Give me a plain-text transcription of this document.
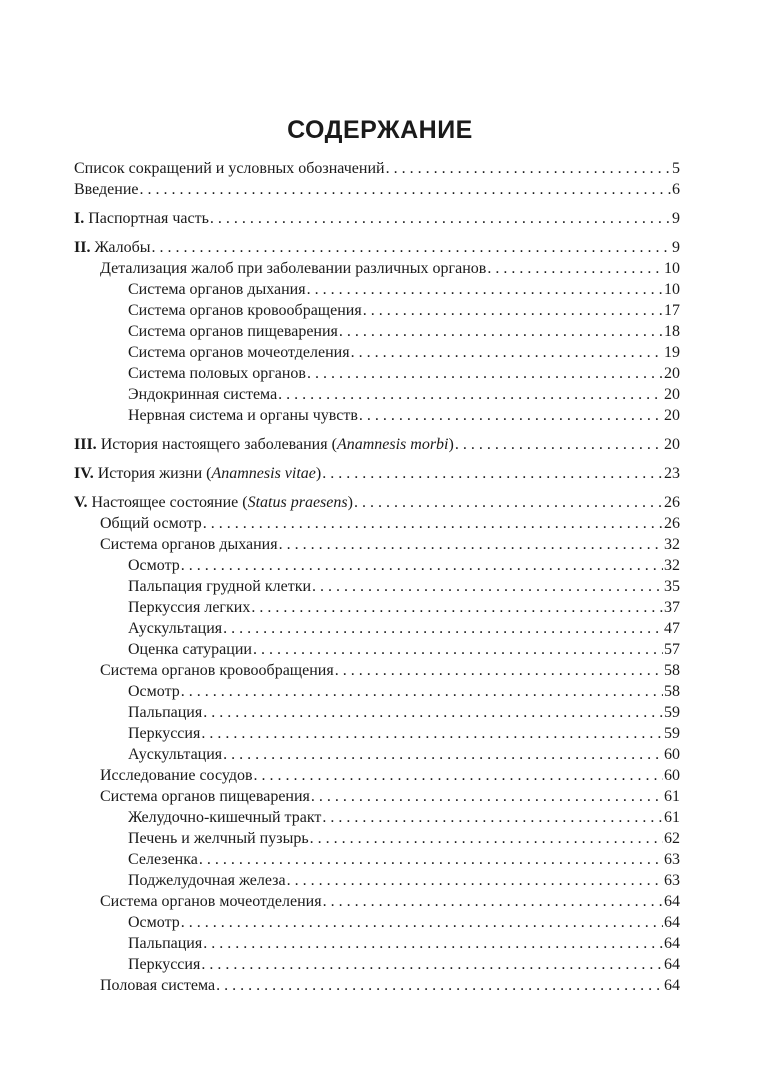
СОДЕРЖАНИЕ
Список сокращений и условных обозначений . . .	5
Введение . . .	6
I. Паспортная часть . . .	9
II. Жалобы . . .	9
Детализация жалоб при заболевании различных органов . . .	10
Система органов дыхания . . .	10
Система органов кровообращения . . .	17
Система органов пищеварения . . .	18
Система органов мочеотделения . . .	19
Система половых органов . . .	20
Эндокринная система . . .	20
Нервная система и органы чувств . . .	20
III. История настоящего заболевания (Anamnesis morbi) . . .	20
IV. История жизни (Anamnesis vitae) . . .	23
V. Настоящее состояние (Status praesens) . . .	26
Общий осмотр . . .	26
Система органов дыхания . . .	32
Осмотр . . .	32
Пальпация грудной клетки . . .	35
Перкуссия легких . . .	37
Аускультация . . .	47
Оценка сатурации . . .	57
Система органов кровообращения . . .	58
Осмотр . . .	58
Пальпация . . .	59
Перкуссия . . .	59
Аускультация . . .	60
Исследование сосудов . . .	60
Система органов пищеварения . . .	61
Желудочно-кишечный тракт . . .	61
Печень и желчный пузырь . . .	62
Селезенка . . .	63
Поджелудочная железа . . .	63
Система органов мочеотделения . . .	64
Осмотр . . .	64
Пальпация . . .	64
Перкуссия . . .	64
Половая система . . .	64
